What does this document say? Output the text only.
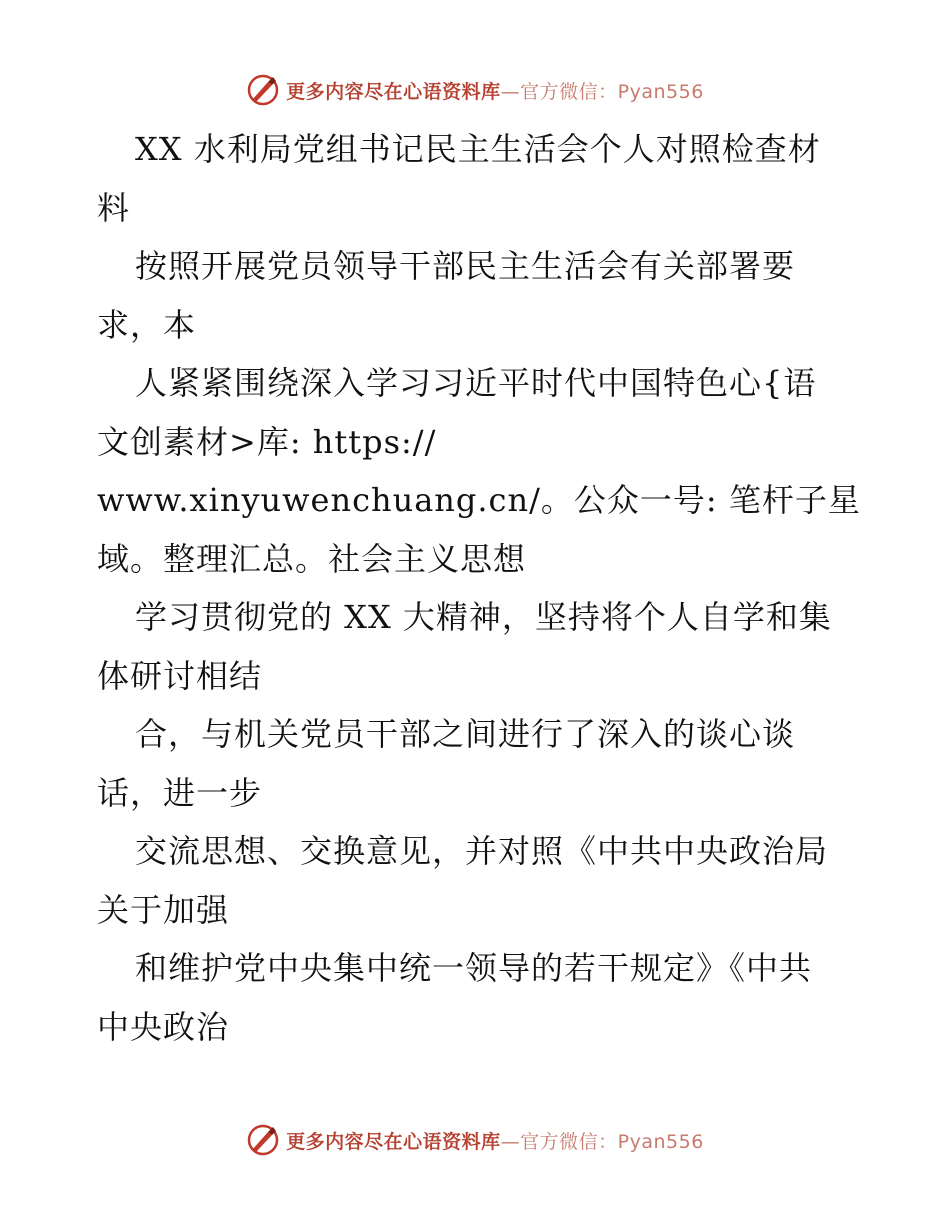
更多内容尽在心语资料库—官方微信：Pyan556
XX 水利局党组书记民主生活会个人对照检查材
料
按照开展党员领导干部民主生活会有关部署要
求，本
人紧紧围绕深入学习习近平时代中国特色心{语
文创素材>库: https://
www.xinyuwenchuang.cn/。公众一号: 笔杆子星
域。整理汇总。社会主义思想
学习贯彻党的 XX 大精神，坚持将个人自学和集
体研讨相结
合，与机关党员干部之间进行了深入的谈心谈
话，进一步
交流思想、交换意见，并对照《中共中央政治局
关于加强
和维护党中央集中统一领导的若干规定》《中共
中央政治
更多内容尽在心语资料库—官方微信：Pyan556
